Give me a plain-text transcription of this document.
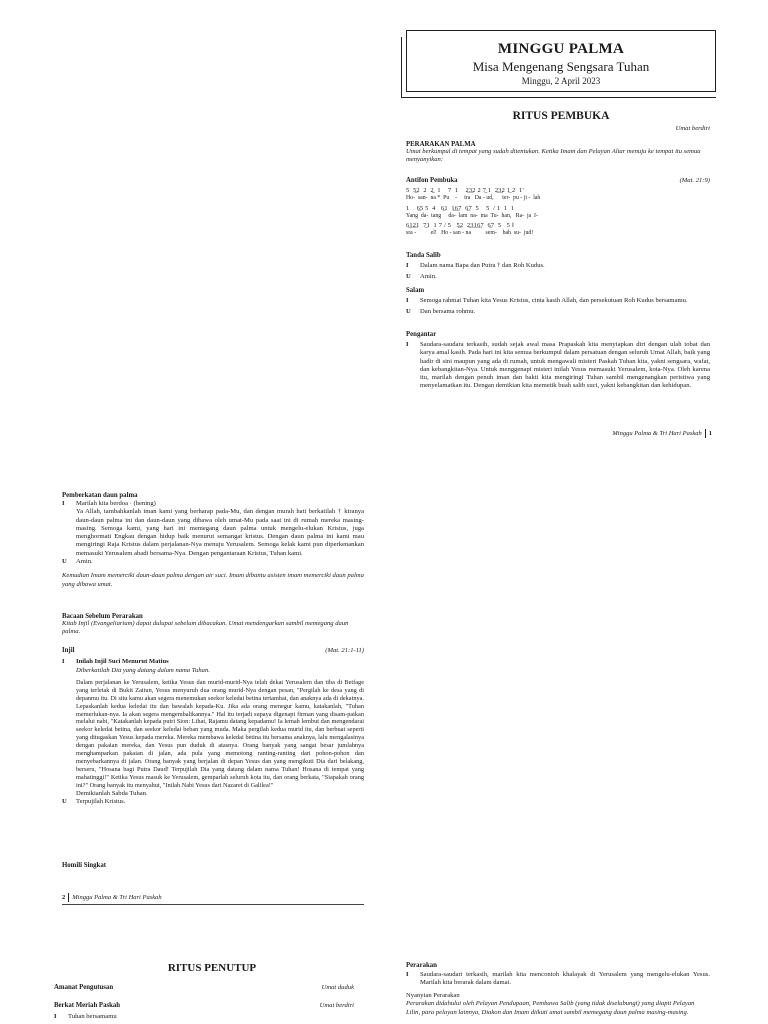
MINGGU PALMA
Misa Mengenang Sengsara Tuhan
Minggu, 2 April 2023
RITUS PEMBUKA
Umat berdiri
PERARAKAN PALMA
Umat berkumpul di tempat yang sudah ditentukan. Ketika Imam dan Pelayan Altar menuju ke tempat itu semua menyanyikan:
Antifon Pembuka	(Mat. 21:9)
5  5̲2  2  2̲  1    7  1    2̲3̲2 2 7̲ 1  2̲3̲2 1̲ 2  1'
Ho-  san-  na *  Pu    -     tra   Da - ud,      ter-  pu - ji -  lah
1    6̲5 5  4   6̲1  1̲6̲7  6̲7  5    5  / 1  1  1
Yang  da-  tang     da-  lam  na-  ma  Tu-  han,   Ra-  ja  I-
6̲1̲2̲1  7̲1  1 7 / 5   5̲2  2̲3̲1̲6̲7  6̲7  5   5 ‖
sra -          el!   Ho - san - na          sem-    bah  su-  jud!
Tanda Salib
I	Dalam nama Bapa dan Putra † dan Roh Kudus.
U	Amin.
Salam
I	Semoga rahmat Tuhan kita Yesus Kristus, cinta kasih Allah, dan persekutuan Roh Kudus bersamamu.
U	Dan bersama rohmu.
Pengantar
I	Saudara-saudara terkasih, sudah sejak awal masa Prapaskah kita menyiapkan diri dengan ulah tobat dan karya amal kasih. Pada hari ini kita semua berkumpul dalam persatuan dengan seluruh Umat Allah, baik yang hadir di sini maupun yang ada di rumah, untuk mengawali misteri Paskah Tuhan kita, yakni sengsara, wafat, dan kebangkitan-Nya. Untuk menggenapi misteri inilah Yesus memasuki Yerusalem, kota-Nya. Oleh karena itu, marilah dengan penuh iman dan bakti kita mengiringi Tuhan sambil mengenangkan peristiwa yang menyelamatkan itu. Dengan demikian kita memetik buah salib suci, yakni kebangkitan dan kehidupan.
Minggu Palma & Tri Hari Paskah 1
Pemberkatan daun palma
I	Marilah kita berdoa · (hening)
Ya Allah, tambahkanlah iman kami yang berharap pada-Mu, dan dengan murah hati berkatilah † kiranya daun-daun palma ini dan daun-daun yang dibawa oleh umat-Mu pada saat ini di rumah mereka masing-masing. Semoga kami, yang hari ini memegang daun palma untuk mengelu-elukan Kristus, juga menghormati Engkau dengan hidup baik menurut semangat kristus. Dengan daun palma ini kami mau mengiringi Raja Kristus dalam perjalanan-Nya menuju Yerusalem. Semoga kelak kami pun diperkenankan memasuki Yerusalem abadi bersama-Nya. Dengan pengantaraan Kristus, Tuhan kami.
U	Amin.
Kemudian Imam memerciki daun-daun palma dengan air suci. Imam dibantu asisten imam memerciki daun palma yang dibawa umat.
Bacaan Sebelum Perarakan
Kitab Injil (Evangeliarium) dapat dulupai sebelum dibacakan. Umat mendengarkan sambil memegang daun palma.
Injil	(Mat. 21:1-11)
I	Inilah Injil Suci Menurut Matius
Diberkatilah Dia yang datang dalam nama Tuhan.
Dalam perjalanan ke Yerusalem, ketika Yesus dan murid-murid-Nya telah dekat Yerusalem dan tiba di Betfage yang terletak di Bukit Zaitun, Yesus menyuruh dua orang murid-Nya dengan pesan, "Pergilah ke desa yang di depanmu itu. Di situ kamu akan segera menemukan seekor keledai betina tertambat, dan anaknya ada di dekatnya. Lepaskanlah kedua keledai itu dan bawalah kepada-Ku. Jika ada orang menegur kamu, katakanlah, "Tuhan memerlukan-nya. Ia akan segera mengembalikannya." Hal itu terjadi supaya digenapi firman yang disam-paikan melalui nabi, "Katakanlah kepada putri Sion: Lihat, Rajamu datang kepadamu! Ia lemah lembut dan mengendarai seekor keledai betina, dan seekor keledai beban yang muda. Maka pergilah kedua murid itu, dan berbuat seperti yang ditugaskan Yesus kepada mereka. Mereka membawa keledai betina itu bersama anaknya, lalu mengalasinya dengan pakaian mereka, dan Yesus pun duduk di atasnya. Orang banyak yang sangat besar jumlahnya menghamparkan pakaian di jalan, ada pula yang memotong ranting-ranting dari pohon-pohon dan menyebarkannya di jalan. Orang banyak yang berjalan di depan Yesus dan yang mengikuti Dia dari belakang, berseru, "Hosana bagi Putra Daud! Terpujilah Dia yang datang dalam nama Tuhan! Hosana di tempat yang mahatinggi!" Ketika Yesus masuk ke Yerusalem, gemparlah seluruh kota itu, dan orang berkata, "Siapakah orang ini?" Orang banyak itu menyahut, "Inilah Nabi Yesus dari Nazaret di Galilea!"
Demikianlah Sabda Tuhan.
U	Terpujilah Kristus.
Homili Singkat
2 Minggu Palma & Tri Hari Paskah
RITUS PENUTUP
Amanat Pengutusan	Umat duduk
Berkat Meriah Paskah	Umat berdiri
I	Tuhan bersamamu
Perarakan
I	Saudara-saudari terkasih, marilah kita mencontoh khalayak di Yerusalem yang mengelu-elukan Yesus. Marilah kita berarak dalam damai.
Nyanyian Perarakan
Perarakan didahului oleh Pelayan Pendupaan, Pembawa Salib (yang tidak diselubungi) yang diapit Pelayan Lilin, para pelayan lainnya, Diakon dan Imam diikuti umat sambil memegang daun palma masing-masing.
